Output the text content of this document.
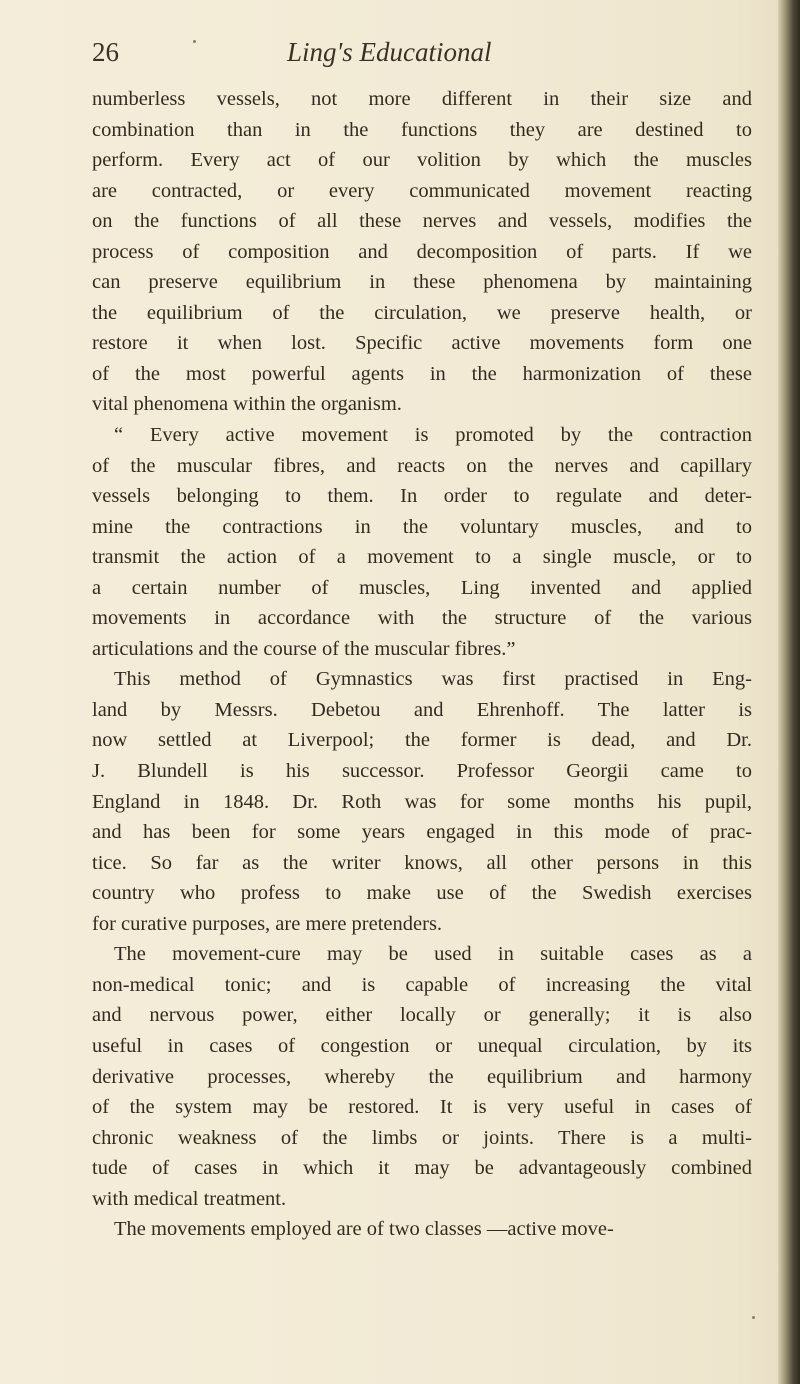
26	Ling's Educational
numberless vessels, not more different in their size and
combination than in the functions they are destined to
perform. Every act of our volition by which the muscles
are contracted, or every communicated movement reacting
on the functions of all these nerves and vessels, modifies the
process of composition and decomposition of parts. If we
can preserve equilibrium in these phenomena by maintaining
the equilibrium of the circulation, we preserve health, or
restore it when lost. Specific active movements form one
of the most powerful agents in the harmonization of these
vital phenomena within the organism.
“ Every active movement is promoted by the contraction
of the muscular fibres, and reacts on the nerves and capillary
vessels belonging to them. In order to regulate and deter-
mine the contractions in the voluntary muscles, and to
transmit the action of a movement to a single muscle, or to
a certain number of muscles, Ling invented and applied
movements in accordance with the structure of the various
articulations and the course of the muscular fibres.”
This method of Gymnastics was first practised in Eng-
land by Messrs. Debetou and Ehrenhoff. The latter is
now settled at Liverpool; the former is dead, and Dr.
J. Blundell is his successor. Professor Georgii came to
England in 1848. Dr. Roth was for some months his pupil,
and has been for some years engaged in this mode of prac-
tice. So far as the writer knows, all other persons in this
country who profess to make use of the Swedish exercises
for curative purposes, are mere pretenders.
The movement-cure may be used in suitable cases as a
non-medical tonic; and is capable of increasing the vital
and nervous power, either locally or generally; it is also
useful in cases of congestion or unequal circulation, by its
derivative processes, whereby the equilibrium and harmony
of the system may be restored. It is very useful in cases of
chronic weakness of the limbs or joints. There is a multi-
tude of cases in which it may be advantageously combined
with medical treatment.
The movements employed are of two classes —active move-
